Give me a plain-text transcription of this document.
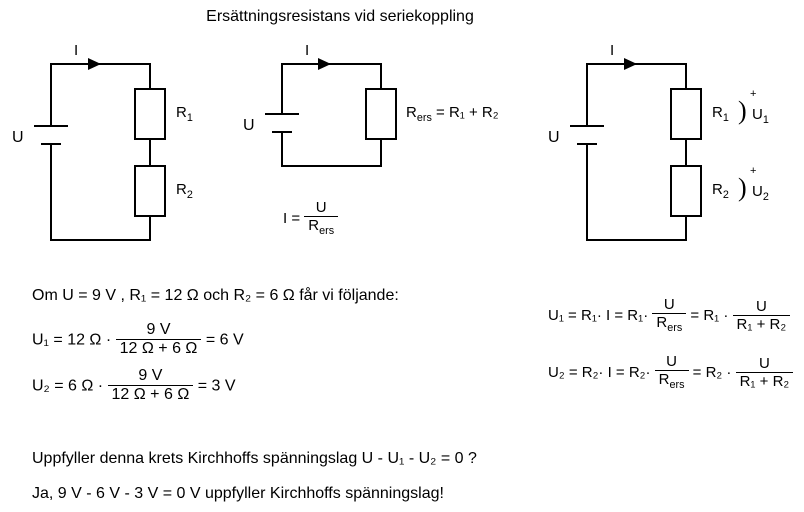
Ersättningsresistans vid seriekoppling
I
U
$R_1$
$R_2$
I
U
$R_{ers} = R_1 + R_2$
$I = \frac{U}{R_{ers}}$
I
U
$R_1$
$R_2$
) $U_1$
+
) $U_2$
+
Om U = 9 V , R₁ = 12 Ω och R₂ = 6 Ω får vi följande:
U₁ = 12 $\Omega \cdot \frac{9 V}{12 \Omega + 6 \Omega} = 6$ V
U₂ = 6 $\Omega \cdot \frac{9 V}{12 \Omega + 6 \Omega} = 3$ V
$U_1 = R_1\cdot I = R_1\cdot \frac{U}{R_{ers}} = R_1 \cdot \frac{U}{\text{R₁ + R₂}}$
$U_2 = R_2\cdot I = R_2\cdot \frac{U}{R_{ers}} = R_2 \cdot \frac{U}{\text{R₁ + R₂}}$
Uppfyller denna krets Kirchhoffs spänningslag U - U₁ - U₂ = 0 ?
Ja, 9 V - 6 V - 3 V = 0 V uppfyller Kirchhoffs spänningslag!
